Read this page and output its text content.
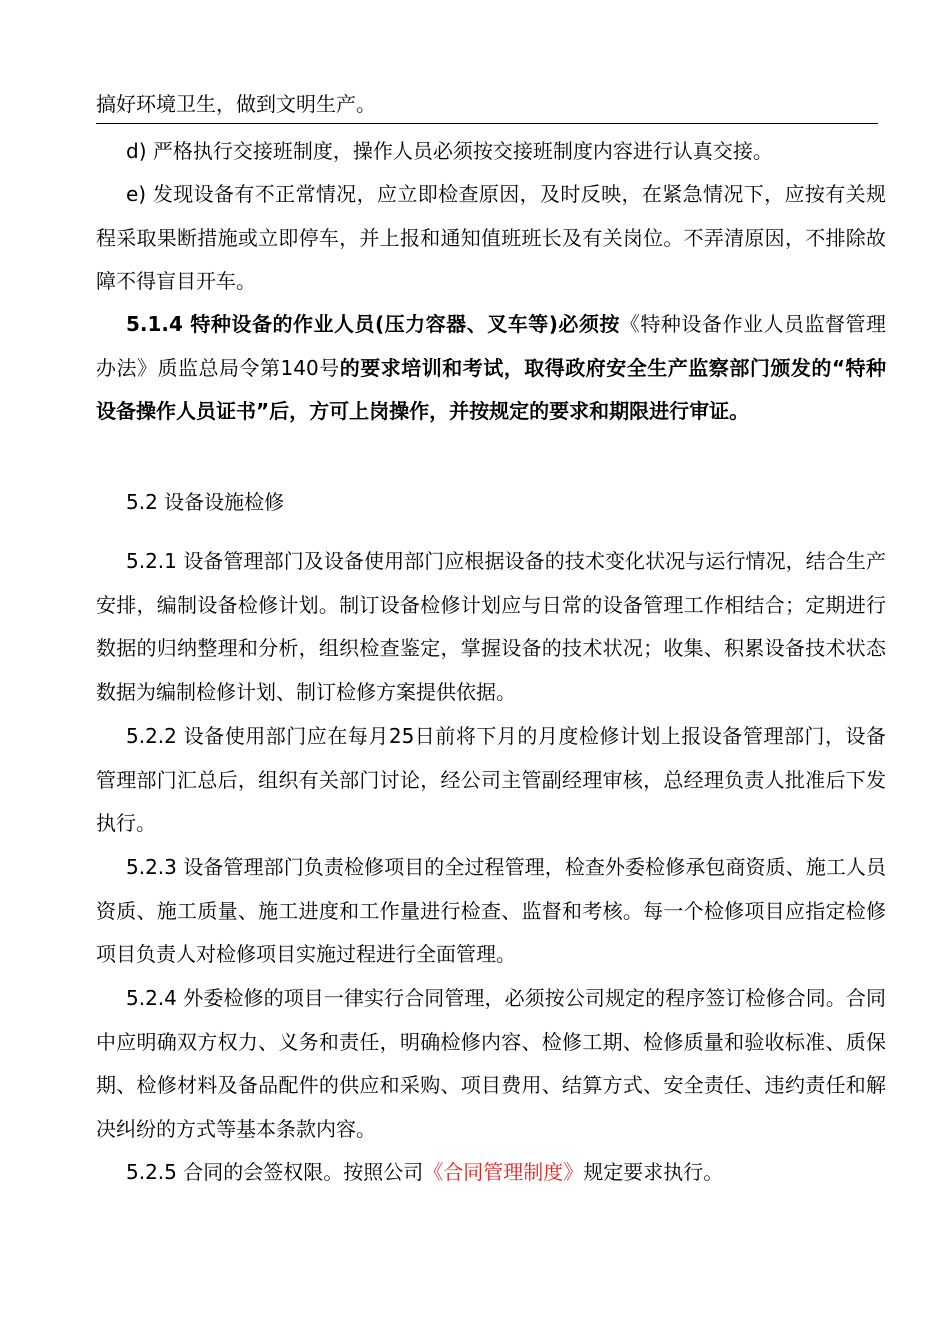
搞好环境卫生，做到文明生产。

d) 严格执行交接班制度，操作人员必须按交接班制度内容进行认真交接。

e) 发现设备有不正常情况，应立即检查原因，及时反映，在紧急情况下，应按有关规程采取果断措施或立即停车，并上报和通知值班班长及有关岗位。不弄清原因，不排除故障不得盲目开车。

5.1.4 特种设备的作业人员(压力容器、叉车等)必须按《特种设备作业人员监督管理办法》质监总局令第140号的要求培训和考试，取得政府安全生产监察部门颁发的“特种设备操作人员证书”后，方可上岗操作，并按规定的要求和期限进行审证。

5.2 设备设施检修

5.2.1 设备管理部门及设备使用部门应根据设备的技术变化状况与运行情况，结合生产安排，编制设备检修计划。制订设备检修计划应与日常的设备管理工作相结合；定期进行数据的归纳整理和分析，组织检查鉴定，掌握设备的技术状况；收集、积累设备技术状态数据为编制检修计划、制订检修方案提供依据。

5.2.2 设备使用部门应在每月25日前将下月的月度检修计划上报设备管理部门，设备管理部门汇总后，组织有关部门讨论，经公司主管副经理审核，总经理负责人批准后下发执行。

5.2.3 设备管理部门负责检修项目的全过程管理，检查外委检修承包商资质、施工人员资质、施工质量、施工进度和工作量进行检查、监督和考核。每一个检修项目应指定检修项目负责人对检修项目实施过程进行全面管理。

5.2.4 外委检修的项目一律实行合同管理，必须按公司规定的程序签订检修合同。合同中应明确双方权力、义务和责任，明确检修内容、检修工期、检修质量和验收标准、质保期、检修材料及备品配件的供应和采购、项目费用、结算方式、安全责任、违约责任和解决纠纷的方式等基本条款内容。

5.2.5 合同的会签权限。按照公司《合同管理制度》规定要求执行。
